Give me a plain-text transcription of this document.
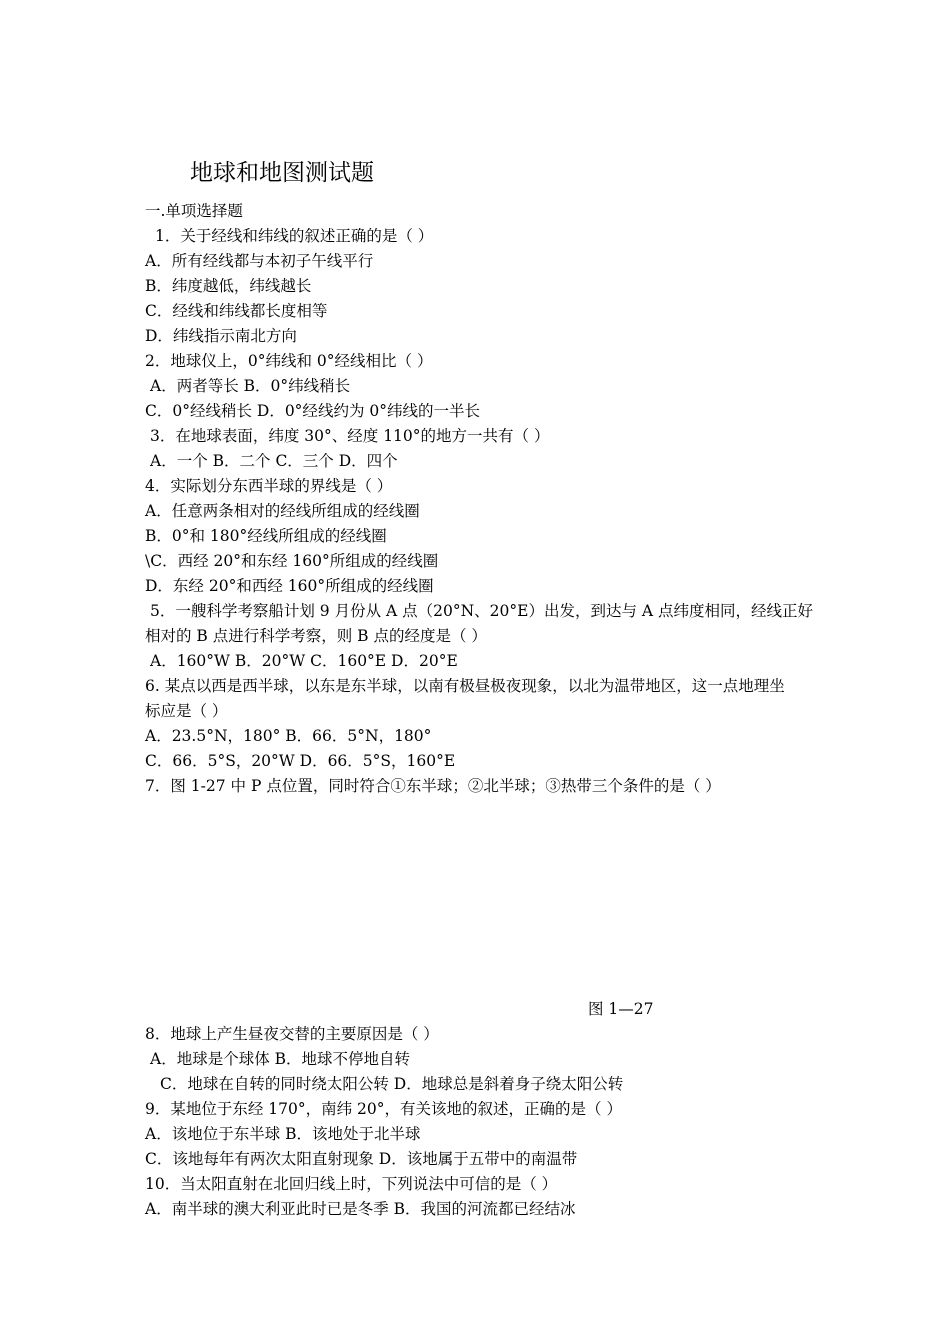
地球和地图测试题
一.单项选择题
1．关于经线和纬线的叙述正确的是（ ）
A．所有经线都与本初子午线平行
B．纬度越低，纬线越长
C．经线和纬线都长度相等
D．纬线指示南北方向
2．地球仪上，0°纬线和 0°经线相比（ ）
A．两者等长 B．0°纬线稍长
C．0°经线稍长 D．0°经线约为 0°纬线的一半长
3．在地球表面，纬度 30°、经度 110°的地方一共有（ ）
A．一个 B．二个 C．三个 D．四个
4．实际划分东西半球的界线是（ ）
A．任意两条相对的经线所组成的经线圈
B．0°和 180°经线所组成的经线圈
\C．西经 20°和东经 160°所组成的经线圈
D．东经 20°和西经 160°所组成的经线圈
5．一艘科学考察船计划 9 月份从 A 点（20°N、20°E）出发，到达与 A 点纬度相同，经线正好
相对的 B 点进行科学考察，则 B 点的经度是（ ）
A．160°W B．20°W C．160°E D．20°E
6. 某点以西是西半球，以东是东半球，以南有极昼极夜现象，以北为温带地区，这一点地理坐
标应是（ ）
A．23.5°N，180° B．66．5°N，180°
C．66．5°S，20°W D．66．5°S，160°E
7．图 1-27 中 P 点位置，同时符合①东半球；②北半球；③热带三个条件的是（ ）
图 1—27
8．地球上产生昼夜交替的主要原因是（ ）
A．地球是个球体 B．地球不停地自转
C．地球在自转的同时绕太阳公转 D．地球总是斜着身子绕太阳公转
9．某地位于东经 170°，南纬 20°，有关该地的叙述，正确的是（ ）
A．该地位于东半球 B．该地处于北半球
C．该地每年有两次太阳直射现象 D．该地属于五带中的南温带
10．当太阳直射在北回归线上时，下列说法中可信的是（ ）
A．南半球的澳大利亚此时已是冬季 B．我国的河流都已经结冰
